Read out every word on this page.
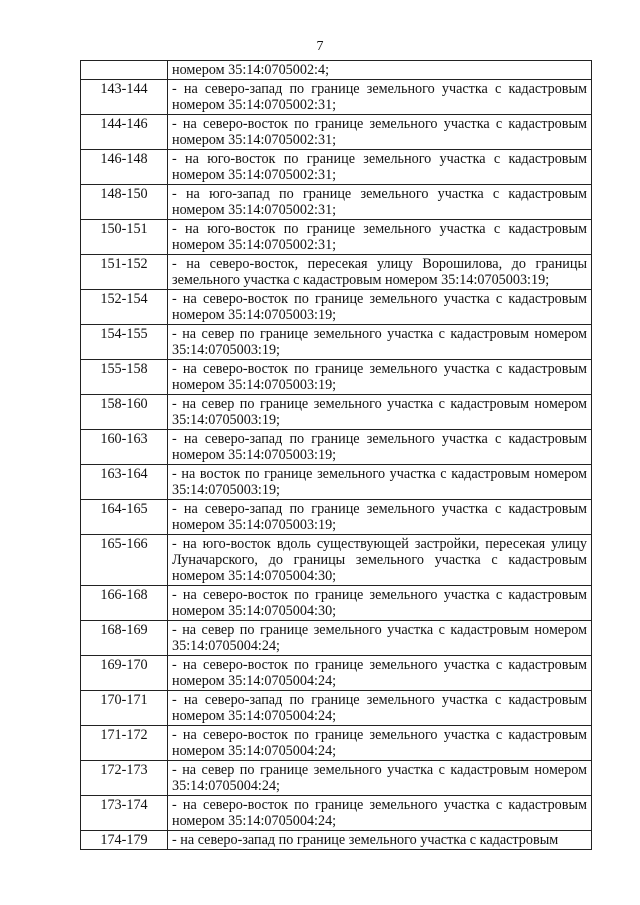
7

	номером 35:14:0705002:4;

143-144	- на северо-запад по границе земельного участка с кадастровым номером 35:14:0705002:31;

144-146	- на северо-восток по границе земельного участка с кадастровым номером 35:14:0705002:31;

146-148	- на юго-восток по границе земельного участка с кадастровым номером 35:14:0705002:31;

148-150	- на юго-запад по границе земельного участка с кадастровым номером 35:14:0705002:31;

150-151	- на юго-восток по границе земельного участка с кадастровым номером 35:14:0705002:31;

151-152	- на северо-восток, пересекая улицу Ворошилова, до границы земельного участка с кадастровым номером 35:14:0705003:19;

152-154	- на северо-восток по границе земельного участка с кадастровым номером 35:14:0705003:19;

154-155	- на север по границе земельного участка с кадастровым номером 35:14:0705003:19;

155-158	- на северо-восток по границе земельного участка с кадастровым номером 35:14:0705003:19;

158-160	- на север по границе земельного участка с кадастровым номером 35:14:0705003:19;

160-163	- на северо-запад по границе земельного участка с кадастровым номером 35:14:0705003:19;

163-164	- на восток по границе земельного участка с кадастровым номером 35:14:0705003:19;

164-165	- на северо-запад по границе земельного участка с кадастровым номером 35:14:0705003:19;

165-166	- на юго-восток вдоль существующей застройки, пересекая улицу Луначарского, до границы земельного участка с кадастровым номером 35:14:0705004:30;

166-168	- на северо-восток по границе земельного участка с кадастровым номером 35:14:0705004:30;

168-169	- на север по границе земельного участка с кадастровым номером 35:14:0705004:24;

169-170	- на северо-восток по границе земельного участка с кадастровым номером 35:14:0705004:24;

170-171	- на северо-запад по границе земельного участка с кадастровым номером 35:14:0705004:24;

171-172	- на северо-восток по границе земельного участка с кадастровым номером 35:14:0705004:24;

172-173	- на север по границе земельного участка с кадастровым номером 35:14:0705004:24;

173-174	- на северо-восток по границе земельного участка с кадастровым номером 35:14:0705004:24;

174-179	- на северо-запад по границе земельного участка с кадастровым
